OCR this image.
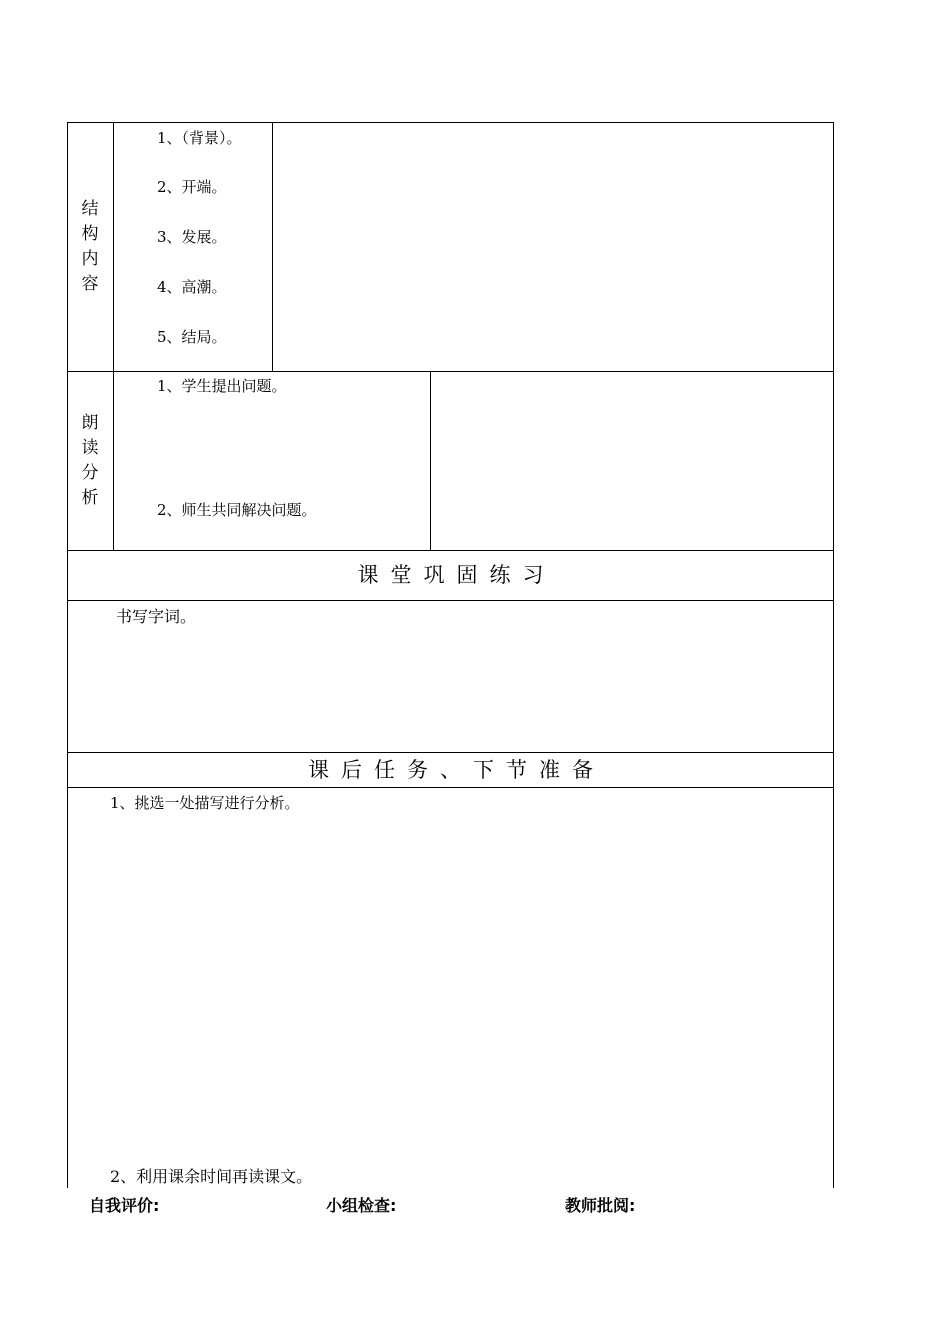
结
构
内
容
1、（背景）。
2、开端。
3、发展。
4、高潮。
5、结局。
朗
读
分
析
1、学生提出问题。
2、师生共同解决问题。
课堂巩固练习
书写字词。
课后任务、下节准备
1、挑选一处描写进行分析。
2、利用课余时间再读课文。
自我评价:	小组检查:	教师批阅:
